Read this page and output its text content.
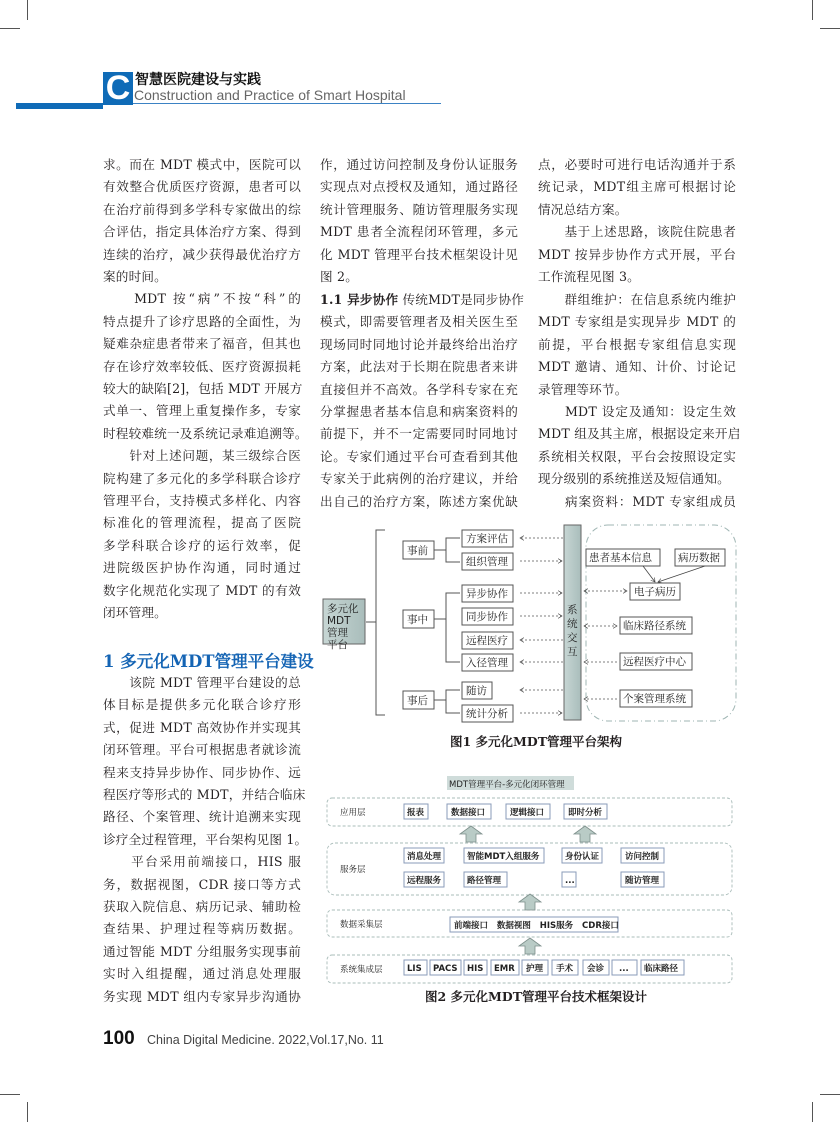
C 智慧医院建设与实践
Construction and Practice of Smart Hospital
求。而在 MDT 模式中，医院可以
有效整合优质医疗资源，患者可以
在治疗前得到多学科专家做出的综
合评估，指定具体治疗方案、得到
连续的治疗，减少获得最优治疗方
案的时间。
　　MDT 按“病”不按“科”的
特点提升了诊疗思路的全面性，为
疑难杂症患者带来了福音，但其也
存在诊疗效率较低、医疗资源损耗
较大的缺陷[2]，包括 MDT 开展方
式单一、管理上重复操作多，专家
时程较难统一及系统记录难追溯等。
　　针对上述问题，某三级综合医
院构建了多元化的多学科联合诊疗
管理平台，支持模式多样化、内容
标准化的管理流程，提高了医院
多学科联合诊疗的运行效率，促
进院级医护协作沟通，同时通过
数字化规范化实现了 MDT 的有效
闭环管理。
　　该院 MDT 管理平台建设的总
体目标是提供多元化联合诊疗形
式，促进 MDT 高效协作并实现其
闭环管理。平台可根据患者就诊流
程来支持异步协作、同步协作、远
程医疗等形式的 MDT，并结合临床
路径、个案管理、统计追溯来实现
诊疗全过程管理，平台架构见图 1。
　　平台采用前端接口，HIS 服
务，数据视图，CDR 接口等方式
获取入院信息、病历记录、辅助检
查结果、护理过程等病历数据。
通过智能 MDT 分组服务实现事前
实时入组提醒，通过消息处理服
务实现 MDT 组内专家异步沟通协
作，通过访问控制及身份认证服务
实现点对点授权及通知，通过路径
统计管理服务、随访管理服务实现
MDT 患者全流程闭环管理，多元
化 MDT 管理平台技术框架设计见
图 2。
1.1 异步协作 传统MDT是同步协作
模式，即需要管理者及相关医生至
现场同时同地讨论并最终给出治疗
方案，此法对于长期在院患者来讲
直接但并不高效。各学科专家在充
分掌握患者基本信息和病案资料的
前提下，并不一定需要同时同地讨
论。专家们通过平台可查看到其他
专家关于此病例的治疗建议，并给
出自己的治疗方案，陈述方案优缺
点，必要时可进行电话沟通并于系
统记录，MDT组主席可根据讨论
情况总结方案。
　　基于上述思路，该院住院患者
MDT 按异步协作方式开展，平台
工作流程见图 3。
　　群组维护：在信息系统内维护
MDT 专家组是实现异步 MDT 的
前提，平台根据专家组信息实现
MDT 邀请、通知、计价、讨论记
录管理等环节。
　　MDT 设定及通知：设定生效
MDT 组及其主席，根据设定来开启
系统相关权限，平台会按照设定实
现分级别的系统推送及短信通知。
　　病案资料：MDT 专家组成员
1 多元化MDT管理平台建设
多元化
MDT
管理
平台
事前
事中
事后
方案评估
组织管理
异步协作
同步协作
远程医疗
入径管理
随访
统计分析
系
统
交
互
患者基本信息 病历数据
电子病历
临床路径系统
远程医疗中心
个案管理系统
图1 多元化MDT管理平台架构
MDT管理平台-多元化闭环管理
应用层
服务层
数据采集层
系统集成层
报表	数据接口	逻辑接口	即时分析
消息处理	智能MDT入组服务	身份认证	访问控制
远程服务	路径管理	...	随访管理
前端接口   数据视图   HIS服务   CDR接口
LIS PACS HIS EMR 护理 手术 会诊 ... 临床路径
图2 多元化MDT管理平台技术框架设计
100 China Digital Medicine. 2022,Vol.17,No. 11
